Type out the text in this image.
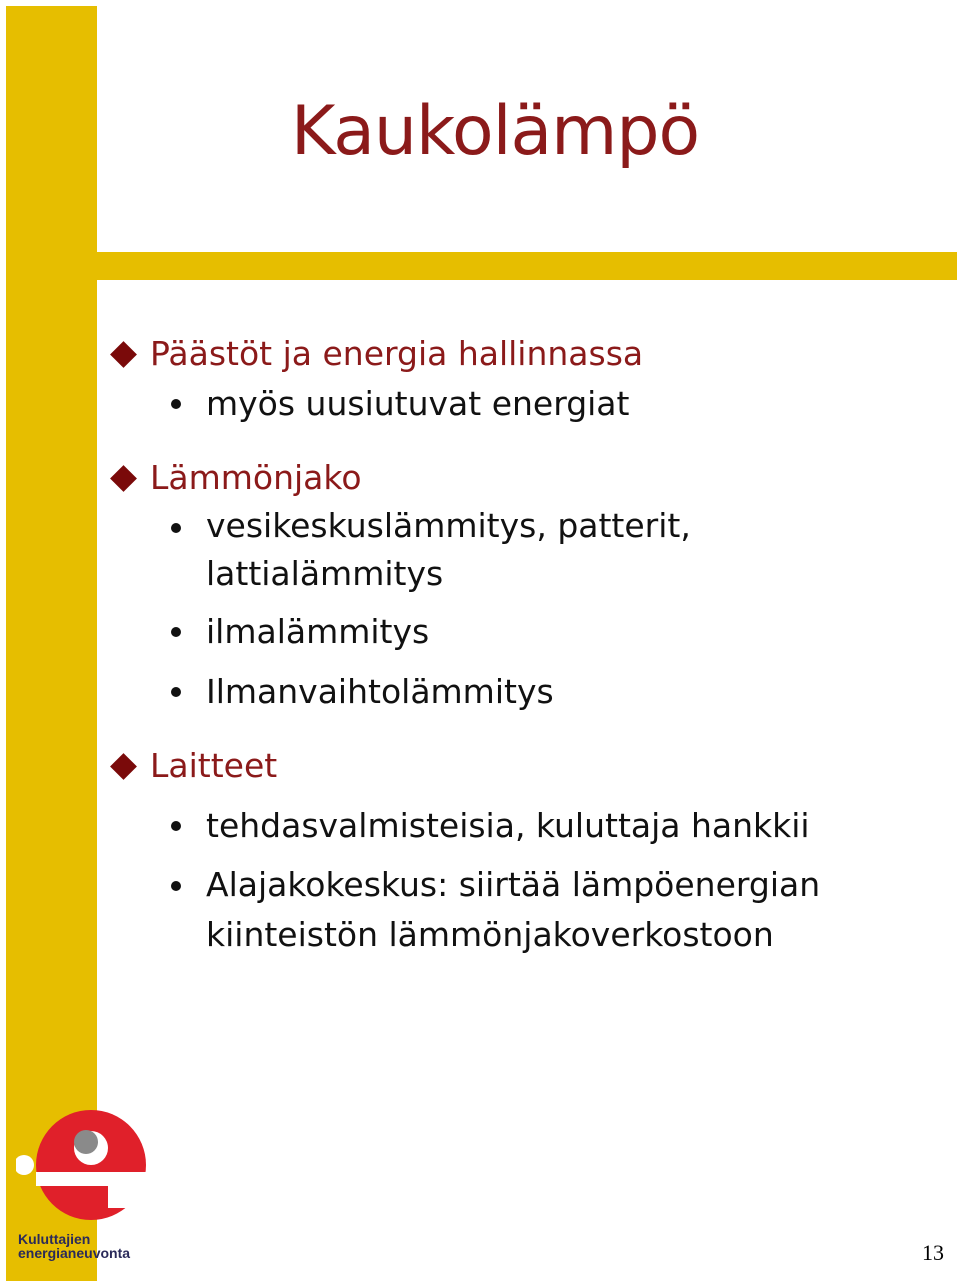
Kaukolämpö
Päästöt ja energia hallinnassa
myös uusiutuvat energiat
Lämmönjako
vesikeskuslämmitys, patterit,
lattialämmitys
ilmalämmitys
Ilmanvaihtolämmitys
Laitteet
tehdasvalmisteisia, kuluttaja hankkii
Alajakokeskus: siirtää lämpöenergian
kiinteistön lämmönjakoverkostoon
Kuluttajien
energianeuvonta	13
